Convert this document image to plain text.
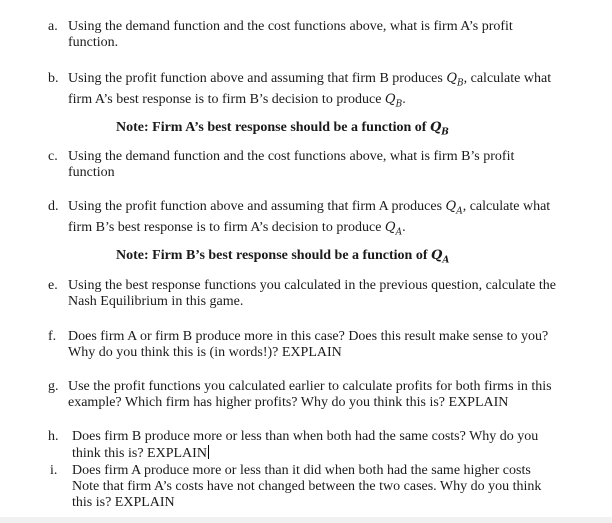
a. Using the demand function and the cost functions above, what is firm A’s profit
function.
b. Using the profit function above and assuming that firm B produces $Q_B$, calculate what
firm A’s best response is to firm B’s decision to produce $Q_B$.
Note: Firm A’s best response should be a function of $Q_B$
c. Using the demand function and the cost functions above, what is firm B’s profit
function
d. Using the profit function above and assuming that firm A produces $Q_A$, calculate what
firm B’s best response is to firm A’s decision to produce $Q_A$.
Note: Firm B’s best response should be a function of $Q_A$
e. Using the best response functions you calculated in the previous question, calculate the
Nash Equilibrium in this game.
f. Does firm A or firm B produce more in this case? Does this result make sense to you?
Why do you think this is (in words!)? EXPLAIN
g. Use the profit functions you calculated earlier to calculate profits for both firms in this
example? Which firm has higher profits? Why do you think this is? EXPLAIN
h. Does firm B produce more or less than when both had the same costs? Why do you
think this is? EXPLAIN
i. Does firm A produce more or less than it did when both had the same higher costs
Note that firm A’s costs have not changed between the two cases. Why do you think
this is? EXPLAIN
